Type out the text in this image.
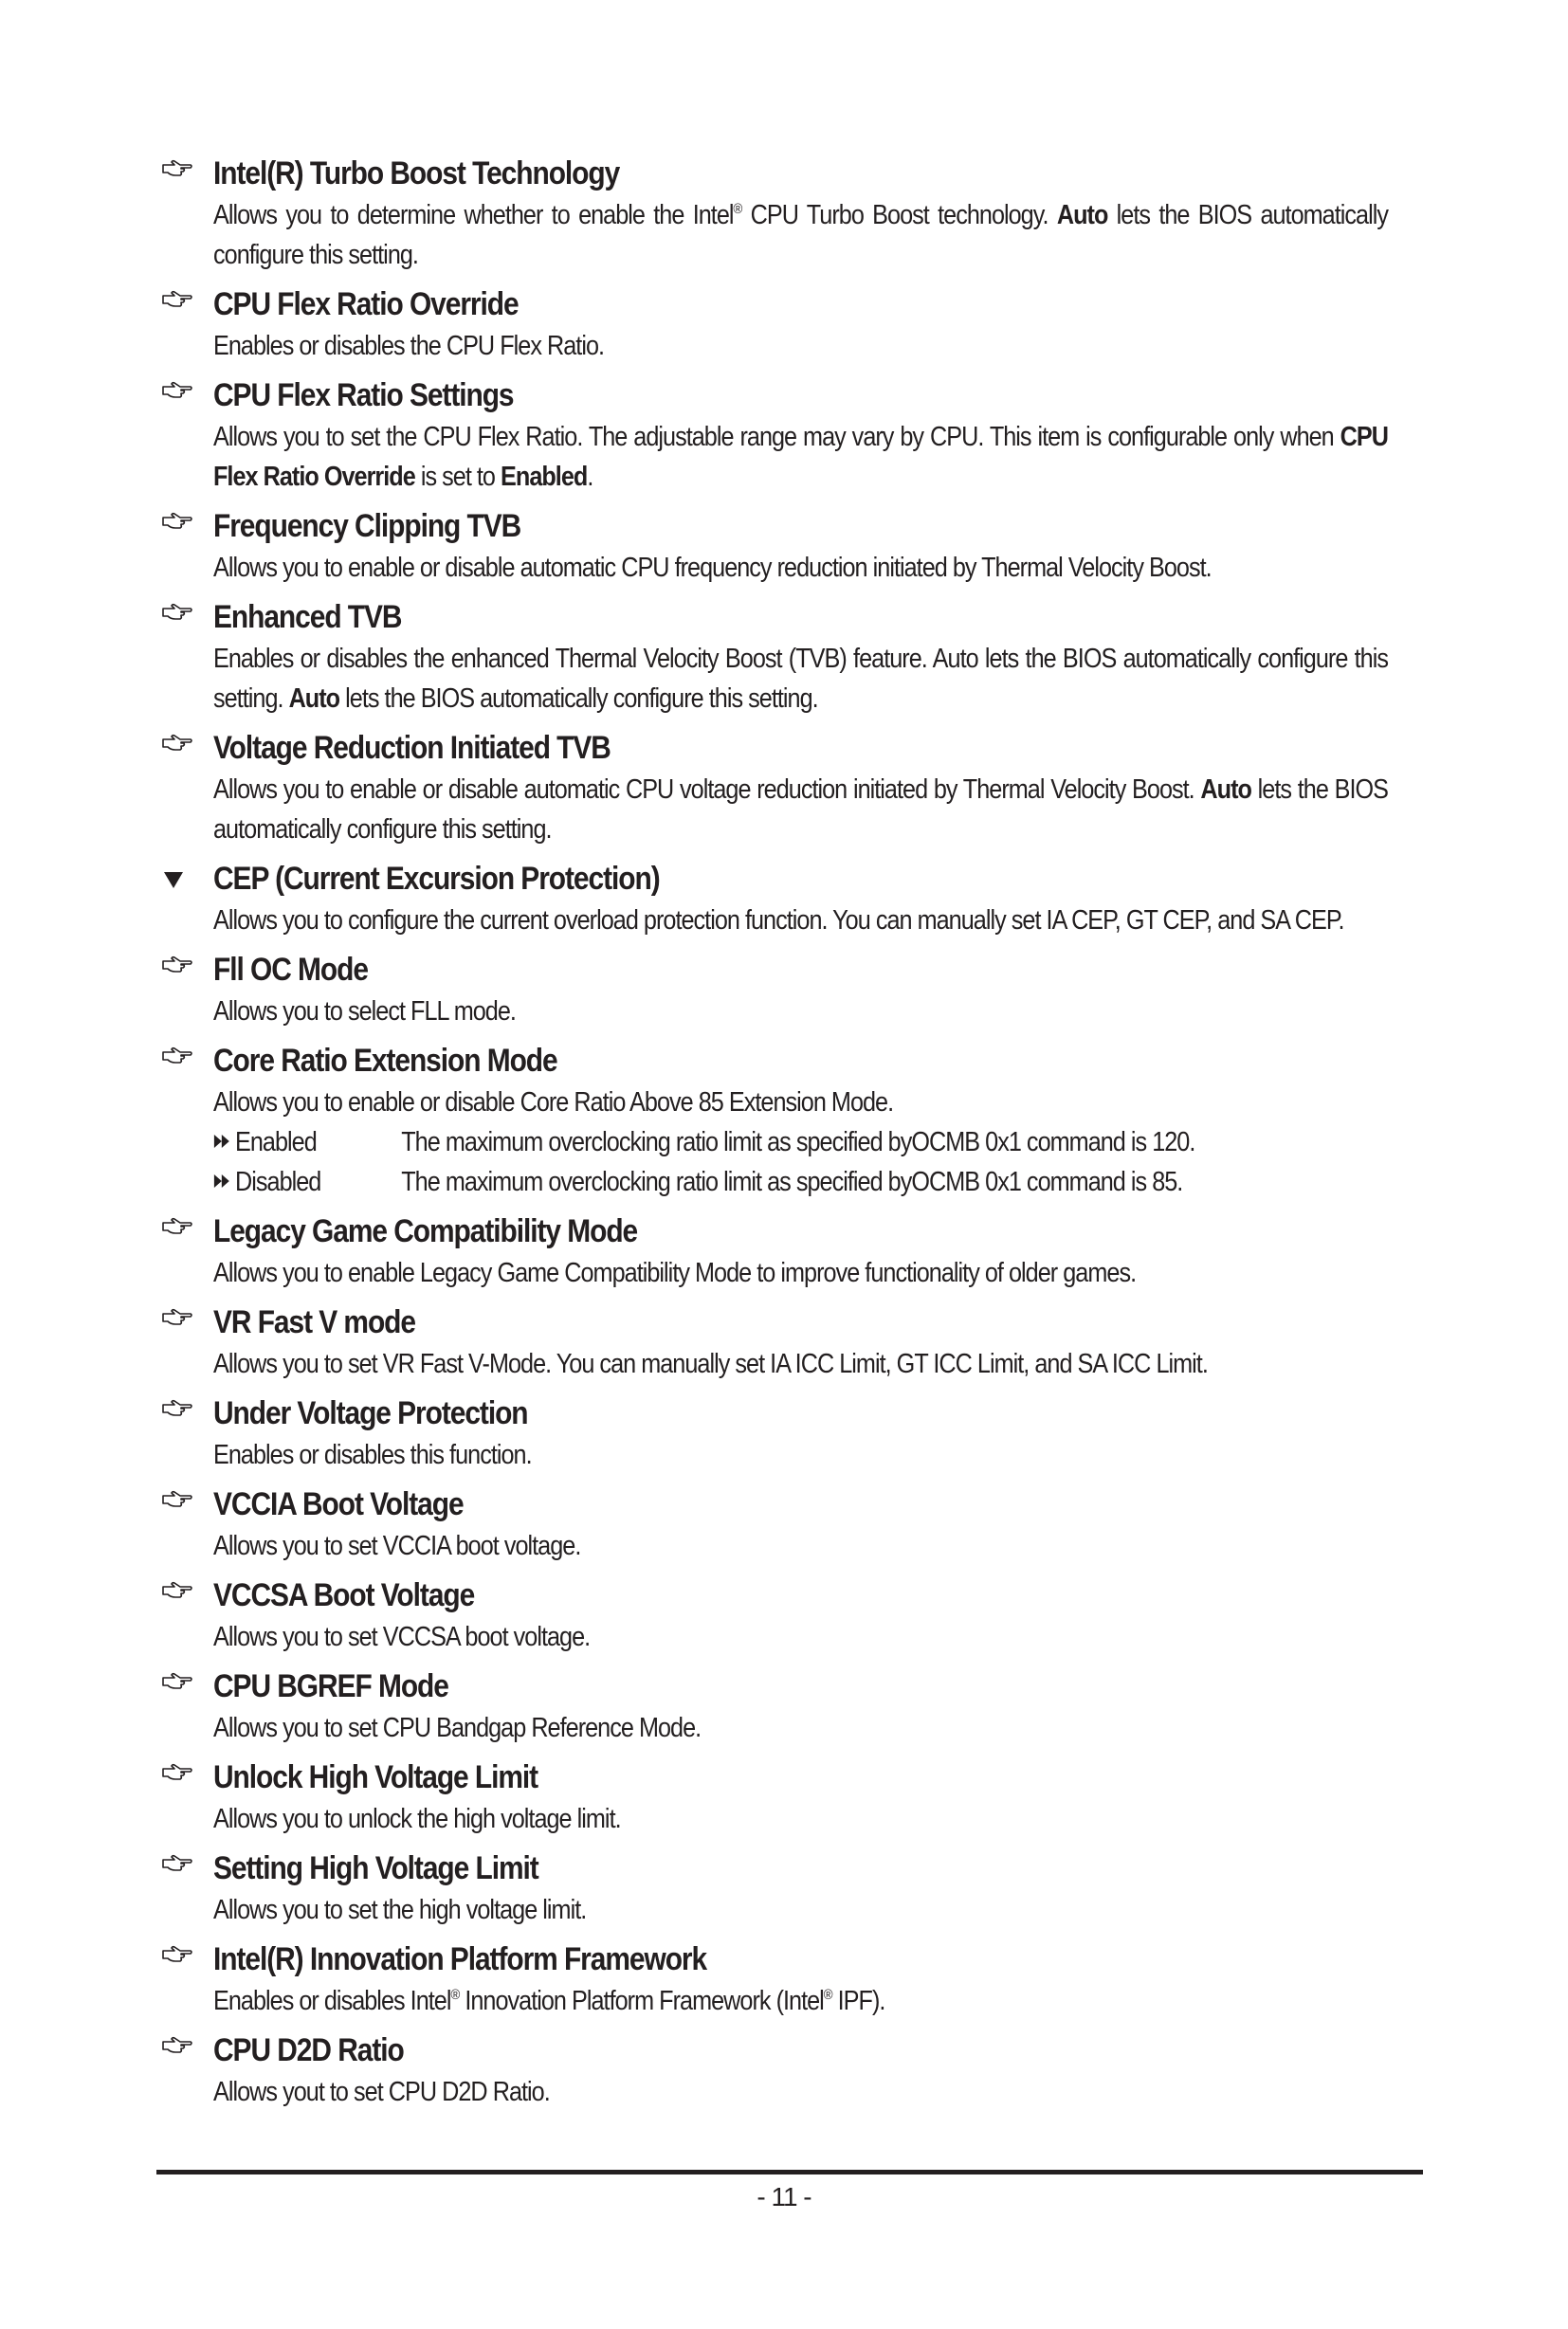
Intel(R) Turbo Boost Technology
Allows you to determine whether to enable the Intel® CPU Turbo Boost technology. Auto lets the BIOS automatically configure this setting.
CPU Flex Ratio Override
Enables or disables the CPU Flex Ratio.
CPU Flex Ratio Settings
Allows you to set the CPU Flex Ratio. The adjustable range may vary by CPU. This item is configurable only when CPU Flex Ratio Override is set to Enabled.
Frequency Clipping TVB
Allows you to enable or disable automatic CPU frequency reduction initiated by Thermal Velocity Boost.
Enhanced TVB
Enables or disables the enhanced Thermal Velocity Boost (TVB) feature. Auto lets the BIOS automatically configure this setting. Auto lets the BIOS automatically configure this setting.
Voltage Reduction Initiated TVB
Allows you to enable or disable automatic CPU voltage reduction initiated by Thermal Velocity Boost. Auto lets the BIOS automatically configure this setting.
CEP (Current Excursion Protection)
Allows you to configure the current overload protection function. You can manually set IA CEP, GT CEP, and SA CEP.
Fll OC Mode
Allows you to select FLL mode.
Core Ratio Extension Mode
Allows you to enable or disable Core Ratio Above 85 Extension Mode.
Enabled	The maximum overclocking ratio limit as specified byOCMB 0x1 command is 120.
Disabled	The maximum overclocking ratio limit as specified byOCMB 0x1 command is 85.
Legacy Game Compatibility Mode
Allows you to enable Legacy Game Compatibility Mode to improve functionality of older games.
VR Fast V mode
Allows you to set VR Fast V-Mode. You can manually set IA ICC Limit, GT ICC Limit, and SA ICC Limit.
Under Voltage Protection
Enables or disables this function.
VCCIA Boot Voltage
Allows you to set VCCIA boot voltage.
VCCSA Boot Voltage
Allows you to set VCCSA boot voltage.
CPU BGREF Mode
Allows you to set CPU Bandgap Reference Mode.
Unlock High Voltage Limit
Allows you to unlock the high voltage limit.
Setting High Voltage Limit
Allows you to set the high voltage limit.
Intel(R) Innovation Platform Framework
Enables or disables Intel® Innovation Platform Framework (Intel® IPF).
CPU D2D Ratio
Allows yout to set CPU D2D Ratio.
- 11 -
